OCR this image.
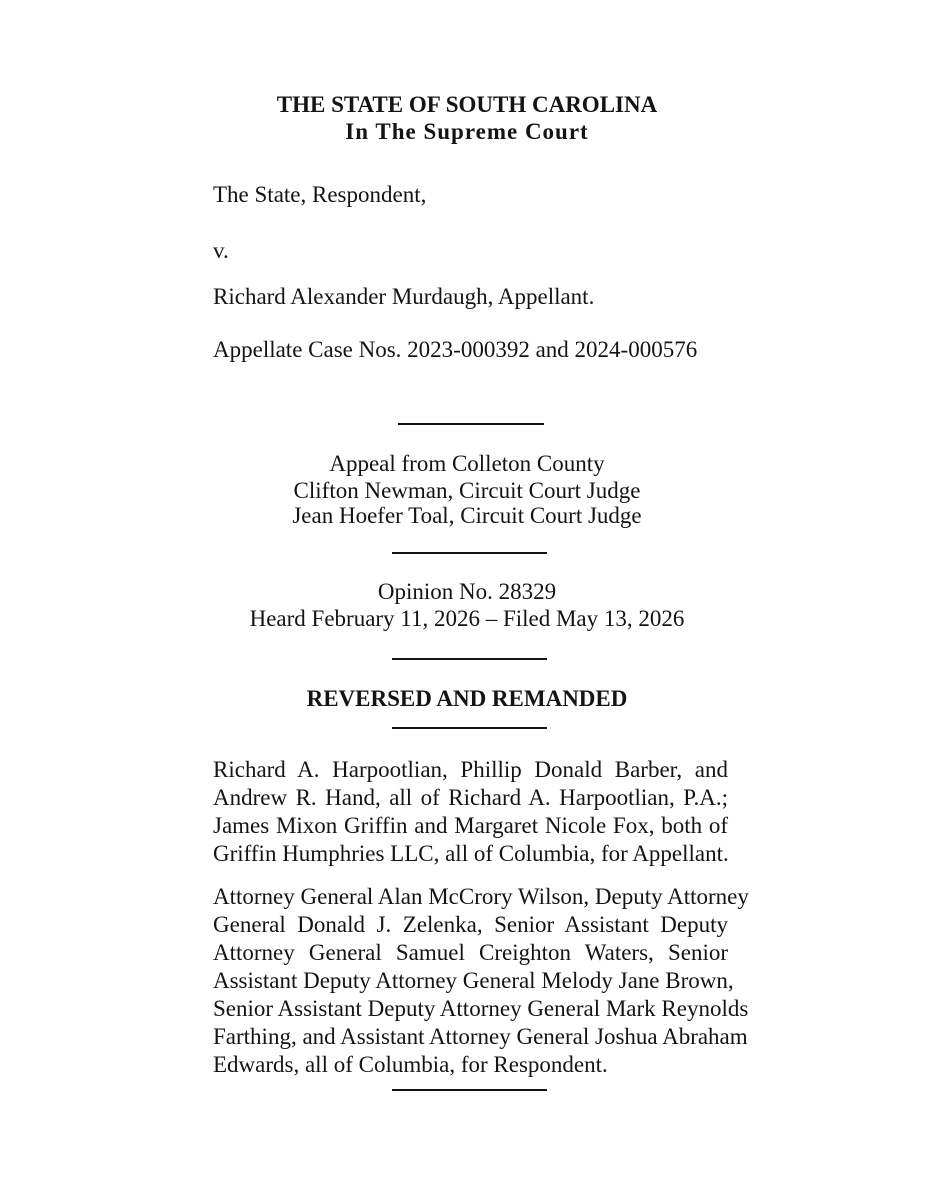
THE STATE OF SOUTH CAROLINA
In The Supreme Court
The State, Respondent,
v.
Richard Alexander Murdaugh, Appellant.
Appellate Case Nos. 2023-000392 and 2024-000576
Appeal from Colleton County
Clifton Newman, Circuit Court Judge
Jean Hoefer Toal, Circuit Court Judge
Opinion No. 28329
Heard February 11, 2026 – Filed May 13, 2026
REVERSED AND REMANDED
Richard A. Harpootlian, Phillip Donald Barber, and
Andrew R. Hand, all of Richard A. Harpootlian, P.A.;
James Mixon Griffin and Margaret Nicole Fox, both of
Griffin Humphries LLC, all of Columbia, for Appellant.
Attorney General Alan McCrory Wilson, Deputy Attorney
General Donald J. Zelenka, Senior Assistant Deputy
Attorney General Samuel Creighton Waters, Senior
Assistant Deputy Attorney General Melody Jane Brown,
Senior Assistant Deputy Attorney General Mark Reynolds
Farthing, and Assistant Attorney General Joshua Abraham
Edwards, all of Columbia, for Respondent.
